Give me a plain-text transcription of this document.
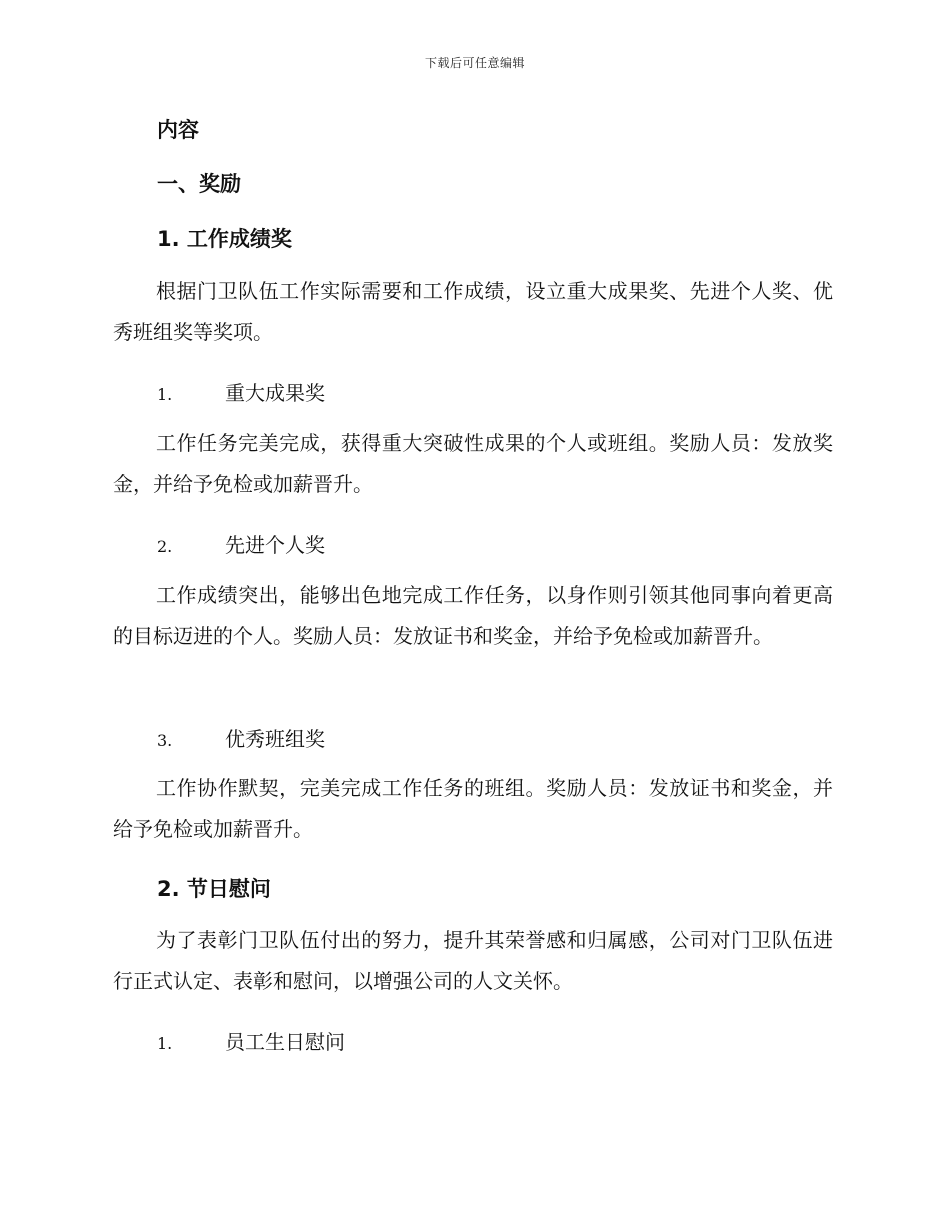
下载后可任意编辑
内容
一、奖励
1. 工作成绩奖
根据门卫队伍工作实际需要和工作成绩，设立重大成果奖、先进个人奖、优秀班组奖等奖项。
1.	重大成果奖
工作任务完美完成，获得重大突破性成果的个人或班组。奖励人员：发放奖金，并给予免检或加薪晋升。
2.	先进个人奖
工作成绩突出，能够出色地完成工作任务，以身作则引领其他同事向着更高的目标迈进的个人。奖励人员：发放证书和奖金，并给予免检或加薪晋升。
3.	优秀班组奖
工作协作默契，完美完成工作任务的班组。奖励人员：发放证书和奖金，并给予免检或加薪晋升。
2. 节日慰问
为了表彰门卫队伍付出的努力，提升其荣誉感和归属感，公司对门卫队伍进行正式认定、表彰和慰问，以增强公司的人文关怀。
1.	员工生日慰问
